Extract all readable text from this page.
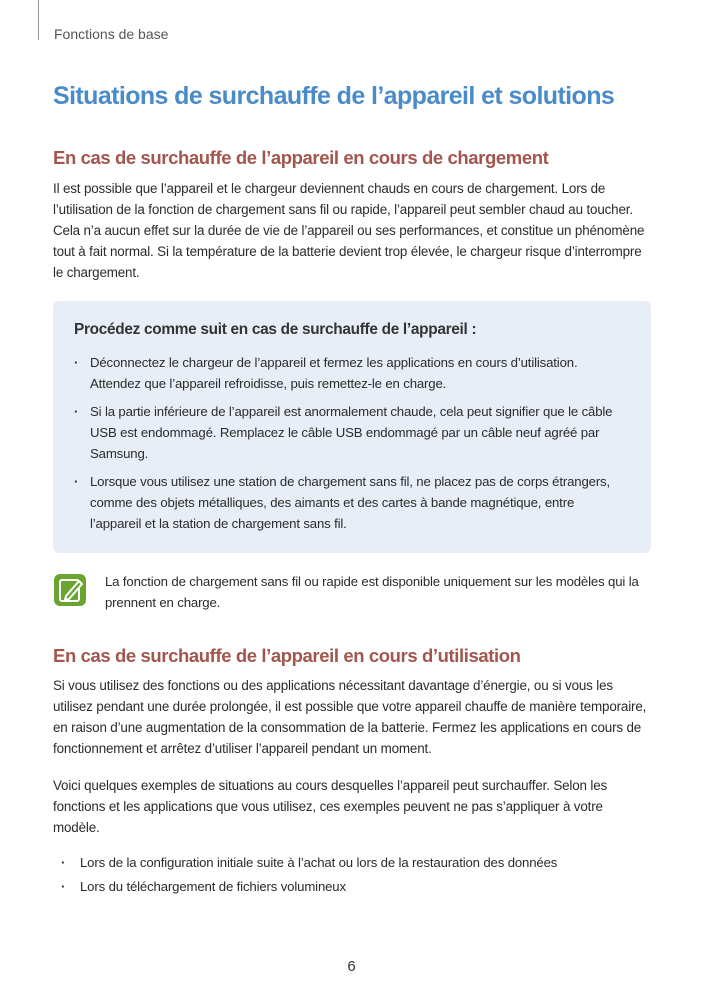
Fonctions de base
Situations de surchauffe de l’appareil et solutions
En cas de surchauffe de l’appareil en cours de chargement

Il est possible que l’appareil et le chargeur deviennent chauds en cours de chargement. Lors de l’utilisation de la fonction de chargement sans fil ou rapide, l’appareil peut sembler chaud au toucher. Cela n’a aucun effet sur la durée de vie de l’appareil ou ses performances, et constitue un phénomène tout à fait normal. Si la température de la batterie devient trop élevée, le chargeur risque d’interrompre le chargement.

Procédez comme suit en cas de surchauffe de l’appareil :
· Déconnectez le chargeur de l’appareil et fermez les applications en cours d’utilisation. Attendez que l’appareil refroidisse, puis remettez-le en charge.
· Si la partie inférieure de l’appareil est anormalement chaude, cela peut signifier que le câble USB est endommagé. Remplacez le câble USB endommagé par un câble neuf agréé par Samsung.
· Lorsque vous utilisez une station de chargement sans fil, ne placez pas de corps étrangers, comme des objets métalliques, des aimants et des cartes à bande magnétique, entre l’appareil et la station de chargement sans fil.
La fonction de chargement sans fil ou rapide est disponible uniquement sur les modèles qui la prennent en charge.
En cas de surchauffe de l’appareil en cours d’utilisation

Si vous utilisez des fonctions ou des applications nécessitant davantage d’énergie, ou si vous les utilisez pendant une durée prolongée, il est possible que votre appareil chauffe de manière temporaire, en raison d’une augmentation de la consommation de la batterie. Fermez les applications en cours de fonctionnement et arrêtez d’utiliser l’appareil pendant un moment.

Voici quelques exemples de situations au cours desquelles l’appareil peut surchauffer. Selon les fonctions et les applications que vous utilisez, ces exemples peuvent ne pas s’appliquer à votre modèle.

· Lors de la configuration initiale suite à l’achat ou lors de la restauration des données
· Lors du téléchargement de fichiers volumineux
6
